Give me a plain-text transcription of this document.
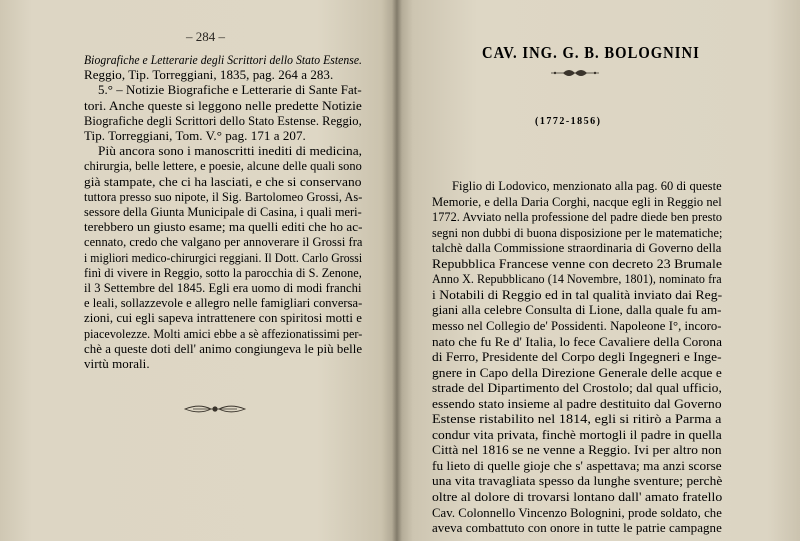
– 284 –
CAV. ING. G. B. BOLOGNINI
(1772-1856)
Biografiche e Letterarie degli Scrittori dello Stato Estense.
Reggio, Tip. Torreggiani, 1835, pag. 264 a 283.
5.° – Notizie Biografiche e Letterarie di Sante Fat-
tori. Anche queste si leggono nelle predette Notizie
Biografiche degli Scrittori dello Stato Estense. Reggio,
Tip. Torreggiani, Tom. V.° pag. 171 a 207.
Più ancora sono i manoscritti inediti di medicina,
chirurgia, belle lettere, e poesie, alcune delle quali sono
già stampate, che ci ha lasciati, e che si conservano
tuttora presso suo nipote, il Sig. Bartolomeo Grossi, As-
sessore della Giunta Municipale di Casina, i quali meri-
terebbero un giusto esame; ma quelli editi che ho ac-
cennato, credo che valgano per annoverare il Grossi fra
i migliori medico-chirurgici reggiani. Il Dott. Carlo Grossi
finì di vivere in Reggio, sotto la parocchia di S. Zenone,
il 3 Settembre del 1845. Egli era uomo di modi franchi
e leali, sollazzevole e allegro nelle famigliari conversa-
zioni, cui egli sapeva intrattenere con spiritosi motti e
piacevolezze. Molti amici ebbe a sè affezionatissimi per-
chè a queste doti dell' animo congiungeva le più belle
virtù morali.
Figlio di Lodovico, menzionato alla pag. 60 di queste
Memorie, e della Daria Corghi, nacque egli in Reggio nel
1772. Avviato nella professione del padre diede ben presto
segni non dubbi di buona disposizione per le matematiche;
talchè dalla Commissione straordinaria di Governo della
Repubblica Francese venne con decreto 23 Brumale
Anno X. Repubblicano (14 Novembre, 1801), nominato fra
i Notabili di Reggio ed in tal qualità inviato dai Reg-
giani alla celebre Consulta di Lione, dalla quale fu am-
messo nel Collegio de' Possidenti. Napoleone I°, incoro-
nato che fu Re d' Italia, lo fece Cavaliere della Corona
di Ferro, Presidente del Corpo degli Ingegneri e Inge-
gnere in Capo della Direzione Generale delle acque e
strade del Dipartimento del Crostolo; dal qual ufficio,
essendo stato insieme al padre destituito dal Governo
Estense ristabilito nel 1814, egli si ritirò a Parma a
condur vita privata, finchè mortogli il padre in quella
Città nel 1816 se ne venne a Reggio. Ivi per altro non
fu lieto di quelle gioje che s' aspettava; ma anzi scorse
una vita travagliata spesso da lunghe sventure; perchè
oltre al dolore di trovarsi lontano dall' amato fratello
Cav. Colonnello Vincenzo Bolognini, prode soldato, che
aveva combattuto con onore in tutte le patrie campagne
